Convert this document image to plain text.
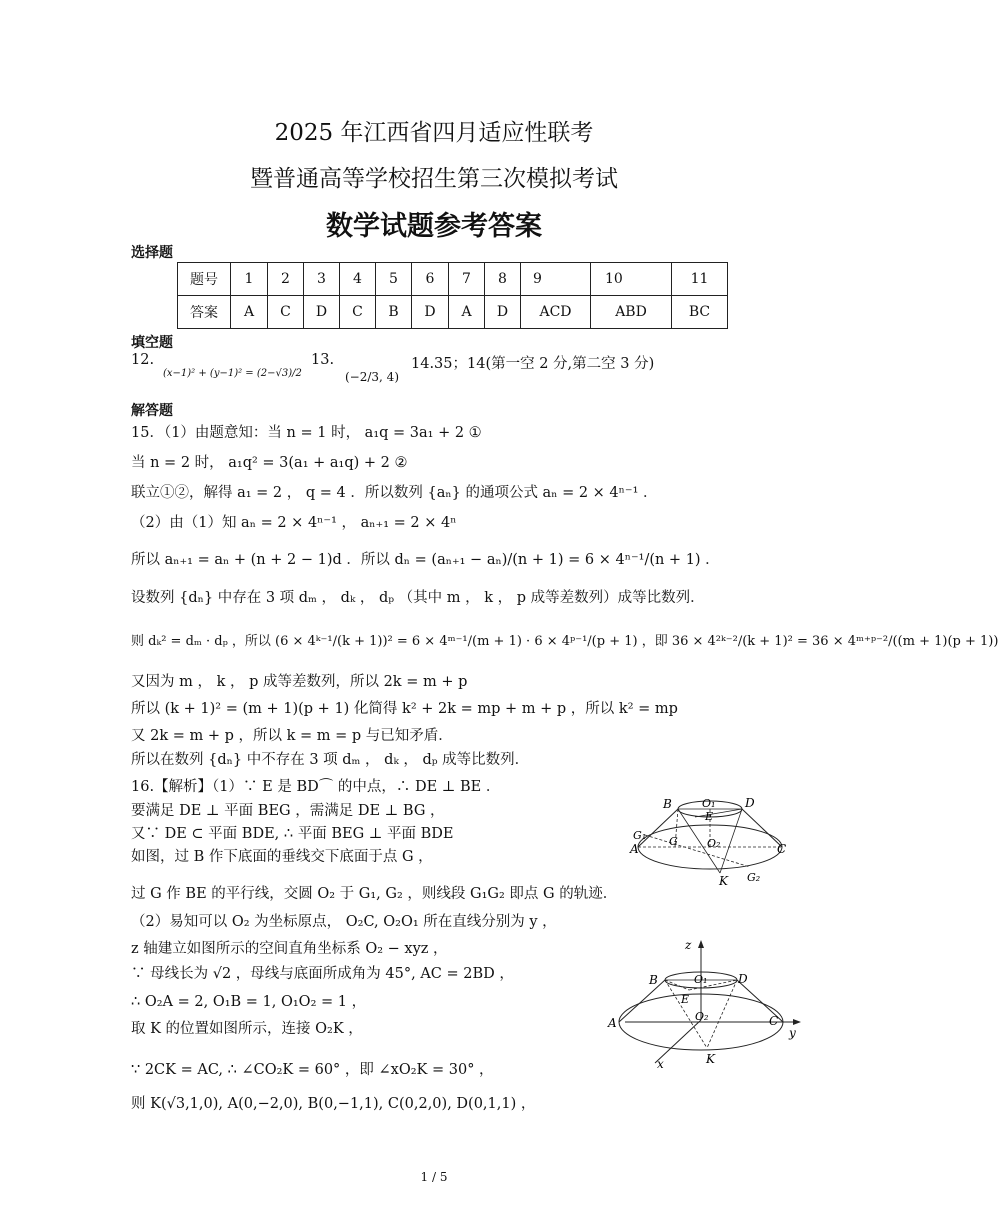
2025 年江西省四月适应性联考
暨普通高等学校招生第三次模拟考试
数学试题参考答案
选择题
题号	1	2	3	4	5	6	7	8	9	10	11
答案	A	C	D	C	B	D	A	D	ACD	ABD	BC
填空题
12.
(x−1)² + (y−1)² = (2−√3)/2
13.
(−2/3, 4)
14.35；14(第一空 2 分,第二空 3 分)
解答题
15．（1）由题意知：当 n = 1 时， a₁q = 3a₁ + 2 ①
当 n = 2 时， a₁q² = 3(a₁ + a₁q) + 2 ②
联立①②，解得 a₁ = 2 ， q = 4 ．所以数列 {aₙ} 的通项公式 aₙ = 2 × 4ⁿ⁻¹ ．
（2）由（1）知 aₙ = 2 × 4ⁿ⁻¹ ， aₙ₊₁ = 2 × 4ⁿ
所以 aₙ₊₁ = aₙ + (n + 2 − 1)d ．所以 dₙ = (aₙ₊₁ − aₙ)/(n + 1) = 6 × 4ⁿ⁻¹/(n + 1) ．
设数列 {dₙ} 中存在 3 项 dₘ ， dₖ ， dₚ （其中 m ， k ， p 成等差数列）成等比数列．
则 dₖ² = dₘ · dₚ ，所以 (6 × 4ᵏ⁻¹/(k + 1))² = 6 × 4ᵐ⁻¹/(m + 1) · 6 × 4ᵖ⁻¹/(p + 1) ，即 36 × 4²ᵏ⁻²/(k + 1)² = 36 × 4ᵐ⁺ᵖ⁻²/((m + 1)(p + 1))
又因为 m ， k ， p 成等差数列，所以 2k = m + p
所以 (k + 1)² = (m + 1)(p + 1) 化简得 k² + 2k = mp + m + p ，所以 k² = mp
又 2k = m + p ，所以 k = m = p 与已知矛盾．
所以在数列 {dₙ} 中不存在 3 项 dₘ ， dₖ ， dₚ 成等比数列．
16.【解析】（1）∵ E 是 BD⌒ 的中点，∴ DE ⊥ BE ．
要满足 DE ⊥ 平面 BEG ，需满足 DE ⊥ BG ，
又∵ DE ⊂ 平面 BDE, ∴ 平面 BEG ⊥ 平面 BDE
如图，过 B 作下底面的垂线交下底面于点 G ，
过 G 作 BE 的平行线，交圆 O₂ 于 G₁, G₂ ，则线段 G₁G₂ 即点 G 的轨迹．
（2）易知可以 O₂ 为坐标原点， O₂C, O₂O₁ 所在直线分别为 y ，
z 轴建立如图所示的空间直角坐标系 O₂ − xyz ，
∵ 母线长为 √2 ，母线与底面所成角为 45°, AC = 2BD ，
∴ O₂A = 2, O₁B = 1, O₁O₂ = 1 ，
取 K 的位置如图所示，连接 O₂K ，
∵ 2CK = AC, ∴ ∠CO₂K = 60° ，即 ∠xO₂K = 30° ，
则 K(√3,1,0), A(0,−2,0), B(0,−1,1), C(0,2,0), D(0,1,1) ，
B	O₁ D
E
G₁
A
G	O₂	C
K G₂
z
B	O₁	D
E
A	O₂	C
y
x	K
1 / 5
